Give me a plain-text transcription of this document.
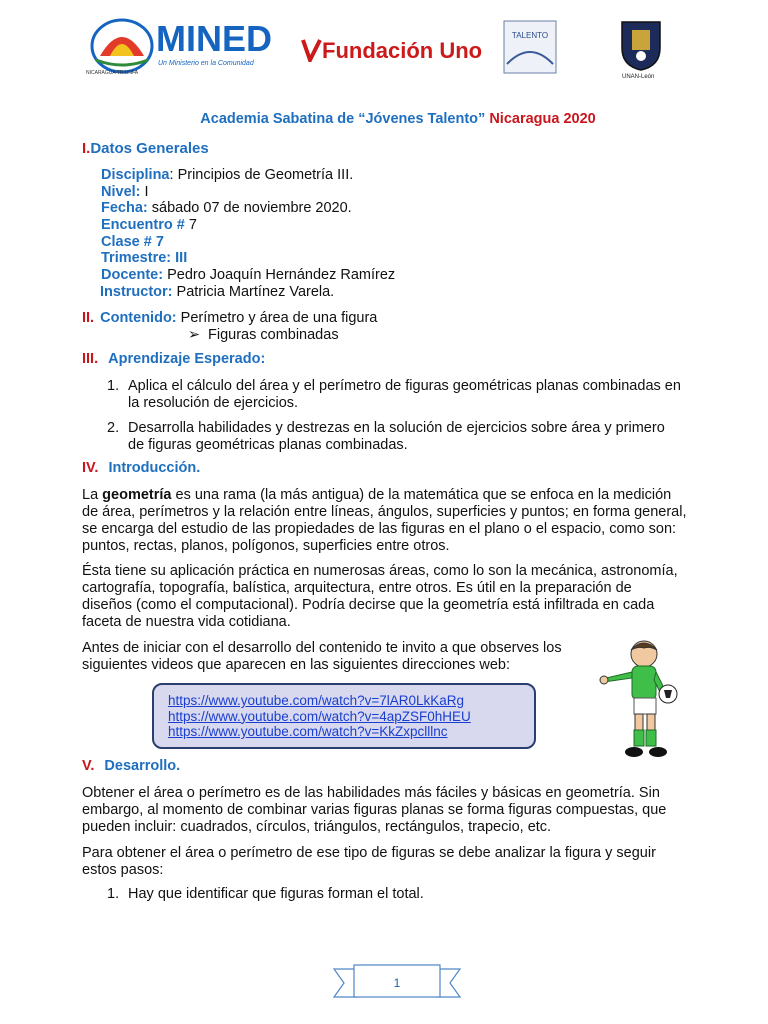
MINED
Un Ministerio en la Comunidad
NICARAGUA TRIUNFA
Fundación Uno
TALENTO
UNAN-León
Academia Sabatina de “Jóvenes Talento” Nicaragua 2020
I.Datos Generales
Disciplina: Principios de Geometría III.
Nivel: I
Fecha: sábado 07 de noviembre 2020.
Encuentro # 7
Clase # 7
Trimestre: III
Docente: Pedro Joaquín Hernández Ramírez
Instructor: Patricia Martínez Varela.
II. Contenido: Perímetro y área de una figura
➢ Figuras combinadas
III. Aprendizaje Esperado:
1. Aplica el cálculo del área y el perímetro de figuras geométricas planas combinadas en
la resolución de ejercicios.
2. Desarrolla habilidades y destrezas en la solución de ejercicios sobre área y primero
de figuras geométricas planas combinadas.
IV. Introducción.
La geometría es una rama (la más antigua) de la matemática que se enfoca en la medición
de área, perímetros y la relación entre líneas, ángulos, superficies y puntos; en forma general,
se encarga del estudio de las propiedades de las figuras en el plano o el espacio, como son:
puntos, rectas, planos, polígonos, superficies entre otros.
Ésta tiene su aplicación práctica en numerosas áreas, como lo son la mecánica, astronomía,
cartografía, topografía, balística, arquitectura, entre otros. Es útil en la preparación de
diseños (como el computacional). Podría decirse que la geometría está infiltrada en cada
faceta de nuestra vida cotidiana.
Antes de iniciar con el desarrollo del contenido te invito a que observes los
siguientes videos que aparecen en las siguientes direcciones web:
https://www.youtube.com/watch?v=7lAR0LkKaRg
https://www.youtube.com/watch?v=4apZSF0hHEU
https://www.youtube.com/watch?v=KkZxpclllnc
V. Desarrollo.
Obtener el área o perímetro es de las habilidades más fáciles y básicas en geometría. Sin
embargo, al momento de combinar varias figuras planas se forma figuras compuestas, que
pueden incluir: cuadrados, círculos, triángulos, rectángulos, trapecio, etc.
Para obtener el área o perímetro de ese tipo de figuras se debe analizar la figura y seguir
estos pasos:
1. Hay que identificar que figuras forman el total.
1
